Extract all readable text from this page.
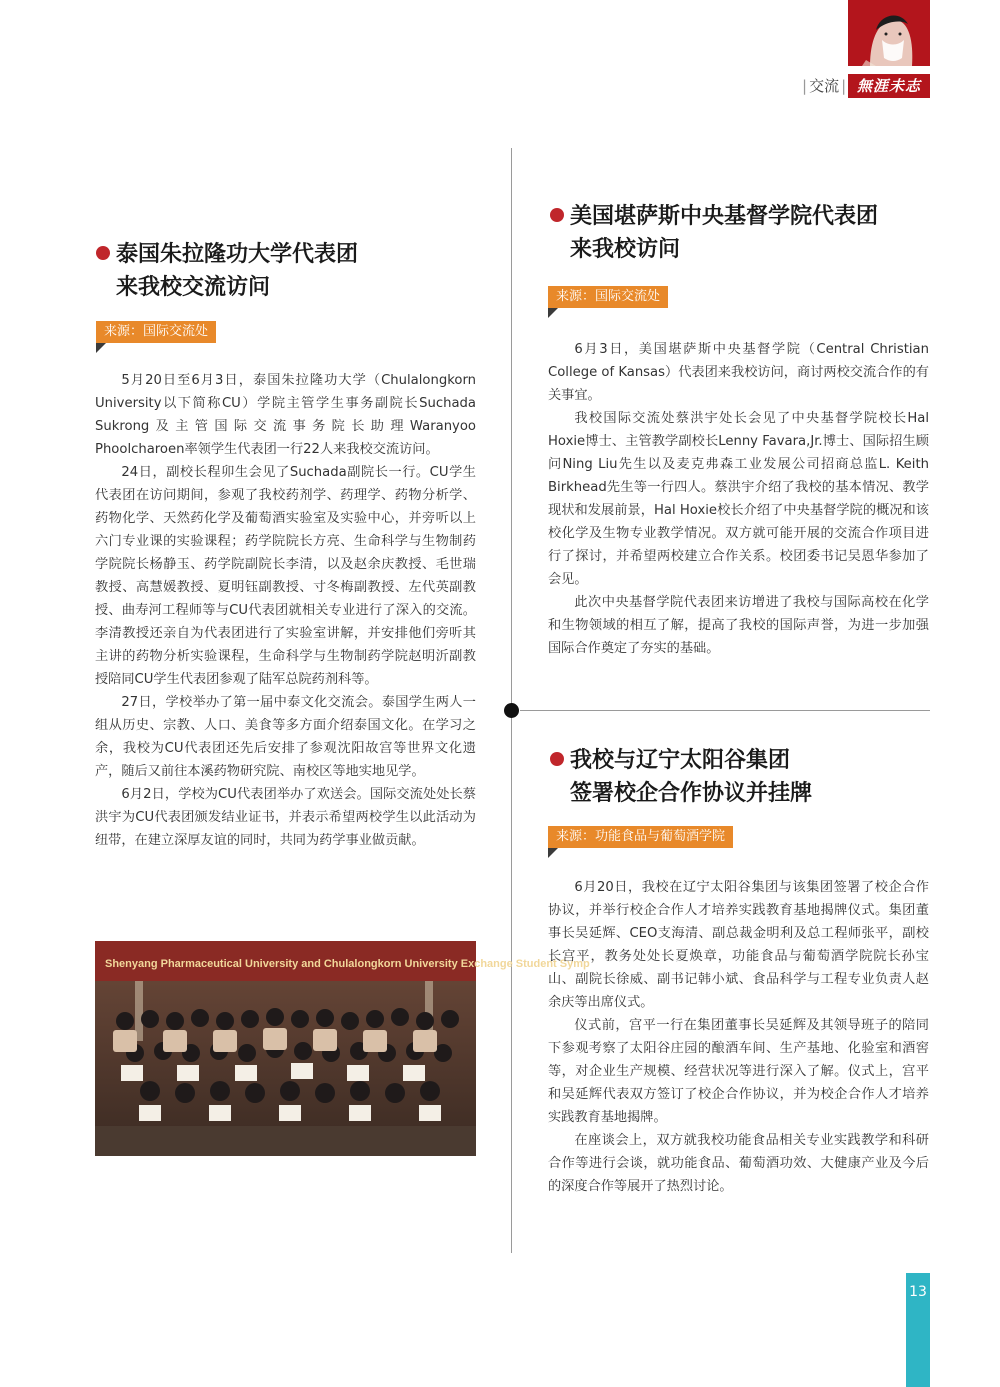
| 交流 | 無涯未志
泰国朱拉隆功大学代表团
来我校交流访问
来源：国际交流处

5月20日至6月3日，泰国朱拉隆功大学（Chulalongkorn University以下简称CU）学院主管学生事务副院长Suchada Sukrong及主管国际交流事务院长助理Waranyoo Phoolcharoen率领学生代表团一行22人来我校交流访问。

24日，副校长程卯生会见了Suchada副院长一行。CU学生代表团在访问期间，参观了我校药剂学、药理学、药物分析学、药物化学、天然药化学及葡萄酒实验室及实验中心，并旁听以上六门专业课的实验课程；药学院院长方亮、生命科学与生物制药学院院长杨静玉、药学院副院长李清，以及赵余庆教授、毛世瑞教授、高慧媛教授、夏明钰副教授、寸冬梅副教授、左代英副教授、曲寿河工程师等与CU代表团就相关专业进行了深入的交流。李清教授还亲自为代表团进行了实验室讲解，并安排他们旁听其主讲的药物分析实验课程，生命科学与生物制药学院赵明沂副教授陪同CU学生代表团参观了陆军总院药剂科等。

27日，学校举办了第一届中泰文化交流会。泰国学生两人一组从历史、宗教、人口、美食等多方面介绍泰国文化。在学习之余，我校为CU代表团还先后安排了参观沈阳故宫等世界文化遗产，随后又前往本溪药物研究院、南校区等地实地见学。

6月2日，学校为CU代表团举办了欢送会。国际交流处处长蔡洪宇为CU代表团颁发结业证书，并表示希望两校学生以此活动为纽带，在建立深厚友谊的同时，共同为药学事业做贡献。

Shenyang Pharmaceutical University and Chulalongkorn University Exchange Student Symp
美国堪萨斯中央基督学院代表团
来我校访问
来源：国际交流处

6月3日，美国堪萨斯中央基督学院（Central Christian College of Kansas）代表团来我校访问，商讨两校交流合作的有关事宜。

我校国际交流处蔡洪宇处长会见了中央基督学院校长Hal Hoxie博士、主管教学副校长Lenny Favara,Jr.博士、国际招生顾问Ning Liu先生以及麦克弗森工业发展公司招商总监L. Keith Birkhead先生等一行四人。蔡洪宇介绍了我校的基本情况、教学现状和发展前景，Hal Hoxie校长介绍了中央基督学院的概况和该校化学及生物专业教学情况。双方就可能开展的交流合作项目进行了探讨，并希望两校建立合作关系。校团委书记吴恩华参加了会见。

此次中央基督学院代表团来访增进了我校与国际高校在化学和生物领域的相互了解，提高了我校的国际声誉，为进一步加强国际合作奠定了夯实的基础。

我校与辽宁太阳谷集团
签署校企合作协议并挂牌
来源：功能食品与葡萄酒学院

6月20日，我校在辽宁太阳谷集团与该集团签署了校企合作协议，并举行校企合作人才培养实践教育基地揭牌仪式。集团董事长吴延辉、CEO支海清、副总裁金明利及总工程师张平，副校长宫平，教务处处长夏焕章，功能食品与葡萄酒学院院长孙宝山、副院长徐威、副书记韩小斌、食品科学与工程专业负责人赵余庆等出席仪式。

仪式前，宫平一行在集团董事长吴延辉及其领导班子的陪同下参观考察了太阳谷庄园的酿酒车间、生产基地、化验室和酒窖等，对企业生产规模、经营状况等进行深入了解。仪式上，宫平和吴延辉代表双方签订了校企合作协议，并为校企合作人才培养实践教育基地揭牌。

在座谈会上，双方就我校功能食品相关专业实践教学和科研合作等进行会谈，就功能食品、葡萄酒功效、大健康产业及今后的深度合作等展开了热烈讨论。

13
